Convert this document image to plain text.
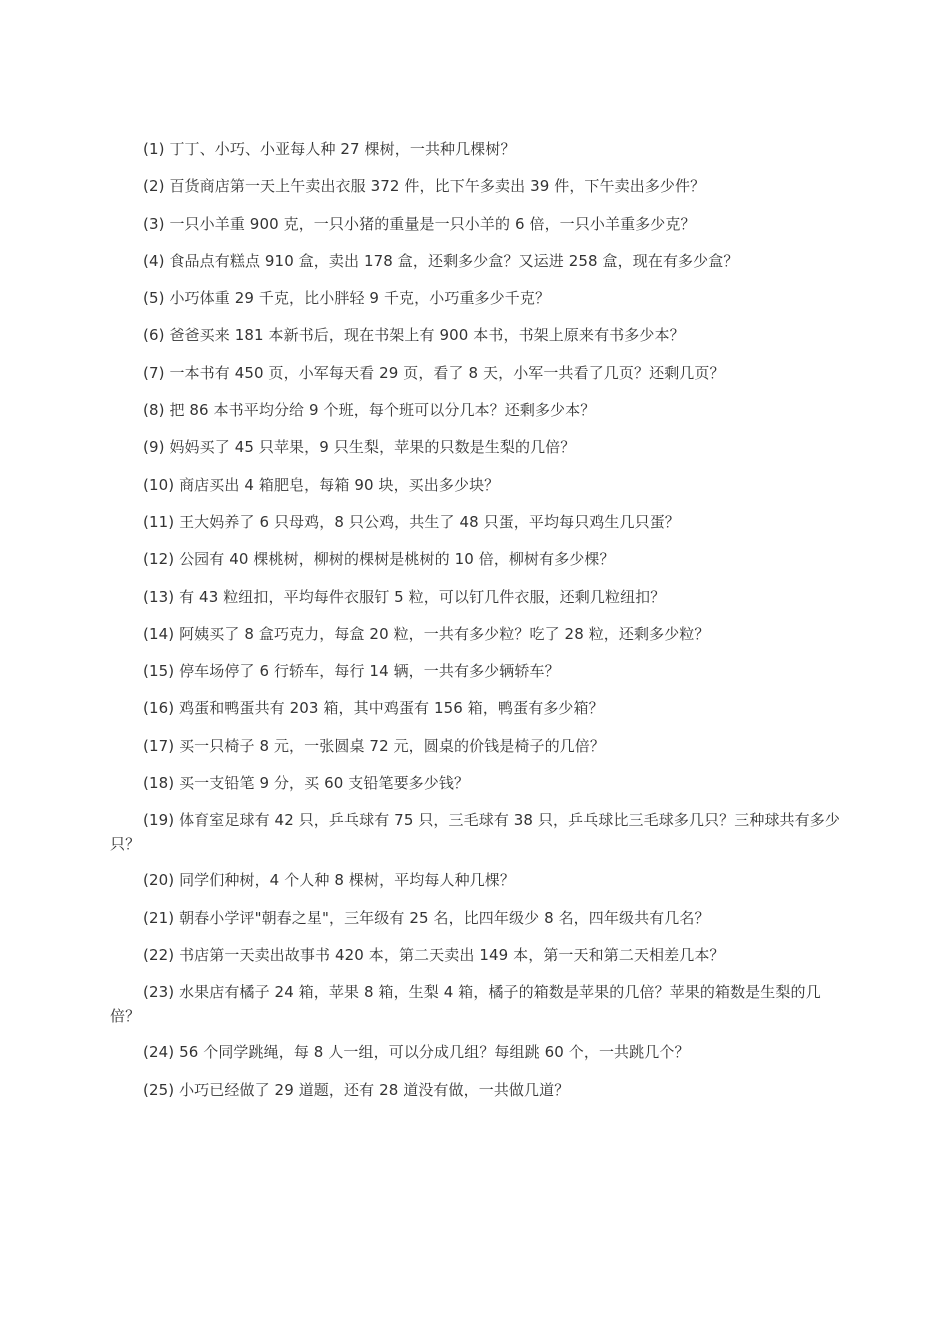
(1) 丁丁、小巧、小亚每人种 27 棵树，一共种几棵树？
(2) 百货商店第一天上午卖出衣服 372 件，比下午多卖出 39 件，下午卖出多少件？
(3) 一只小羊重 900 克，一只小猪的重量是一只小羊的 6 倍，一只小羊重多少克？
(4) 食品点有糕点 910 盒，卖出 178 盒，还剩多少盒？又运进 258 盒，现在有多少盒？
(5) 小巧体重 29 千克，比小胖轻 9 千克，小巧重多少千克？
(6) 爸爸买来 181 本新书后，现在书架上有 900 本书，书架上原来有书多少本？
(7) 一本书有 450 页，小军每天看 29 页，看了 8 天，小军一共看了几页？还剩几页？
(8) 把 86 本书平均分给 9 个班，每个班可以分几本？还剩多少本？
(9) 妈妈买了 45 只苹果，9 只生梨，苹果的只数是生梨的几倍？
(10) 商店买出 4 箱肥皂，每箱 90 块，买出多少块？
(11) 王大妈养了 6 只母鸡，8 只公鸡，共生了 48 只蛋，平均每只鸡生几只蛋？
(12) 公园有 40 棵桃树，柳树的棵树是桃树的 10 倍，柳树有多少棵？
(13) 有 43 粒纽扣，平均每件衣服钉 5 粒，可以钉几件衣服，还剩几粒纽扣？
(14) 阿姨买了 8 盒巧克力，每盒 20 粒，一共有多少粒？吃了 28 粒，还剩多少粒？
(15) 停车场停了 6 行轿车，每行 14 辆，一共有多少辆轿车？
(16) 鸡蛋和鸭蛋共有 203 箱，其中鸡蛋有 156 箱，鸭蛋有多少箱？
(17) 买一只椅子 8 元，一张圆桌 72 元，圆桌的价钱是椅子的几倍？
(18) 买一支铅笔 9 分，买 60 支铅笔要多少钱？
(19) 体育室足球有 42 只，乒乓球有 75 只，三毛球有 38 只，乒乓球比三毛球多几只？三种球共有多少只？
(20) 同学们种树，4 个人种 8 棵树，平均每人种几棵？
(21) 朝春小学评"朝春之星"，三年级有 25 名，比四年级少 8 名，四年级共有几名？
(22) 书店第一天卖出故事书 420 本，第二天卖出 149 本，第一天和第二天相差几本？
(23) 水果店有橘子 24 箱，苹果 8 箱，生梨 4 箱，橘子的箱数是苹果的几倍？苹果的箱数是生梨的几倍？
(24) 56 个同学跳绳，每 8 人一组，可以分成几组？每组跳 60 个，一共跳几个？
(25) 小巧已经做了 29 道题，还有 28 道没有做，一共做几道？
